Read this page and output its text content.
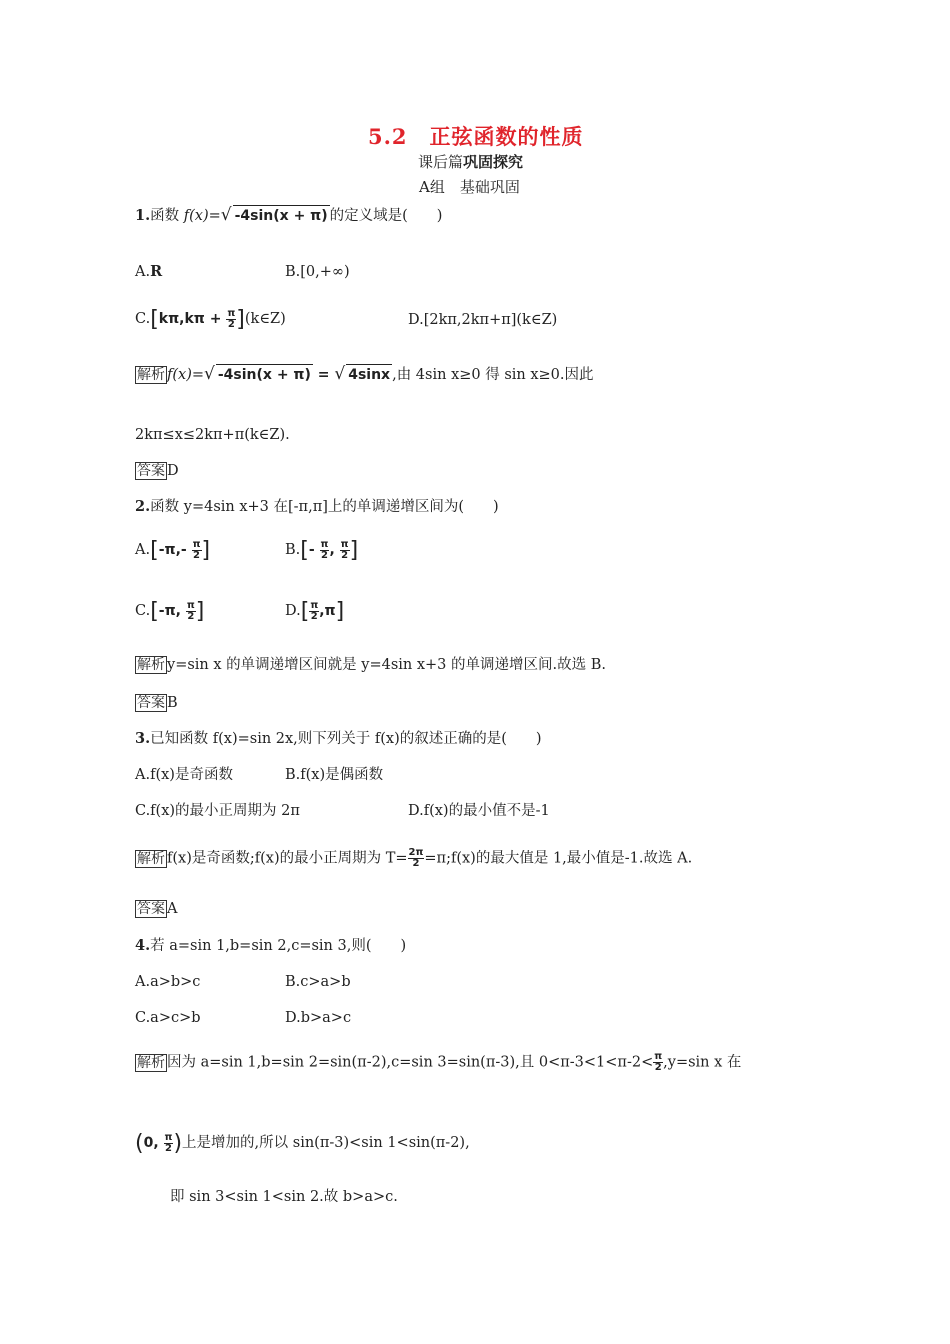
5.2　正弦函数的性质
课后篇巩固探究
A组　基础巩固
1.函数 f(x)=√ -4sin(x + π) 的定义域是(　　)
A.R	B.[0,+∞)
$C.[k\pi,k\pi + \frac{\pi}{2}$ ](k∈Z)	D.[2kπ,2kπ+π](k∈Z)
解析 f(x)=√ -4sin(x + π) = √ 4sinx ,由 4sin x≥0 得 sin x≥0.因此
2kπ≤x≤2kπ+π(k∈Z).
答案 D
2.函数 y=4sin x+3 在[-π,π]上的单调递增区间为(　　)
$A.[-\pi,- \frac{\pi}{2}$ ]	$B.[- \frac{\pi}{2}$ , $\frac{\pi}{2}$ ]
C.[-π, $\frac{\pi}{2}$ ]	$D.[ \frac{\pi}{2} ,\pi]$
解析 y=sin x 的单调递增区间就是 y=4sin x+3 的单调递增区间.故选 B.
答案 B
3.已知函数 f(x)=sin 2x,则下列关于 f(x)的叙述正确的是(　　)
A.f(x)是奇函数	B.f(x)是偶函数
C.f(x)的最小正周期为 2π	D.f(x)的最小值不是-1
解析 f(x)是奇函数;f(x)的最小正周期为 $T= \frac{2\pi}{2}$ =π;f(x)的最大值是 1,最小值是-1.故选 A.
答案 A
4.若 a=sin 1,b=sin 2,c=sin 3,则(　　)
A.a>b>c	B.c>a>b
C.a>c>b	D.b>a>c
解析 因为 a=sin 1,b=sin 2=sin(π-2),c=sin 3=sin(π-3),且 $0<\pi-3<1<\pi-2< \frac{\pi}{2} ,y=\sin$ x 在
(0, $\frac{\pi}{2}$ )上是增加的,所以 sin(π-3)<sin 1<sin(π-2),
即 sin 3<sin 1<sin 2.故 b>a>c.
